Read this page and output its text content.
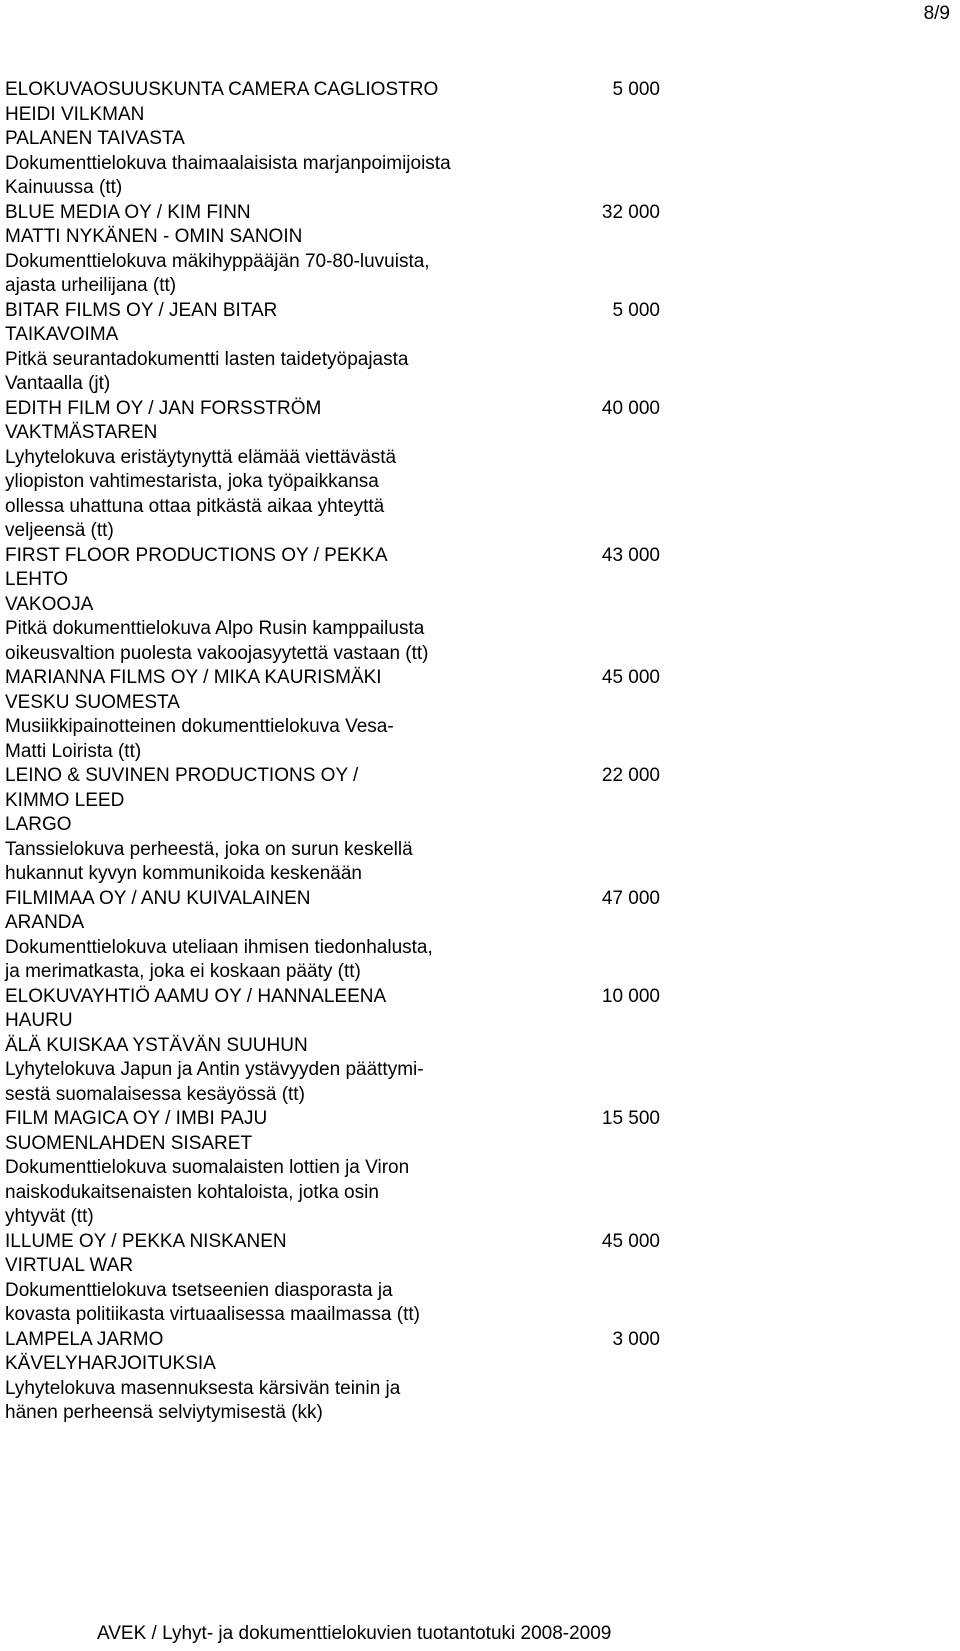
8/9
ELOKUVAOSUUSKUNTA CAMERA CAGLIOSTRO
HEIDI VILKMAN
PALANEN TAIVASTA
Dokumenttielokuva thaimaalaisista marjanpoimijoista
Kainuussa (tt)
5 000
BLUE MEDIA OY / KIM FINN
MATTI NYKÄNEN - OMIN SANOIN
Dokumenttielokuva mäkihyppääjän 70-80-luvuista,
ajasta urheilijana (tt)
32 000
BITAR FILMS OY / JEAN BITAR
TAIKAVOIMA
Pitkä seurantadokumentti lasten taidetyöpajasta
Vantaalla (jt)
5 000
EDITH FILM OY / JAN FORSSTRÖM
VAKTMÄSTAREN
Lyhytelokuva eristäytynyttä elämää viettävästä
yliopiston vahtimestarista, joka työpaikkansa
ollessa uhattuna ottaa pitkästä aikaa yhteyttä
veljeensä (tt)
40 000
FIRST FLOOR PRODUCTIONS OY / PEKKA
LEHTO
VAKOOJA
Pitkä dokumenttielokuva Alpo Rusin kamppailusta
oikeusvaltion puolesta vakoojasyytettä vastaan (tt)
43 000
MARIANNA FILMS OY / MIKA KAURISMÄKI
VESKU SUOMESTA
Musiikkipainotteinen dokumenttielokuva Vesa-
Matti Loirista (tt)
45 000
LEINO & SUVINEN PRODUCTIONS OY /
KIMMO LEED
LARGO
Tanssielokuva perheestä, joka on surun keskellä
hukannut kyvyn kommunikoida keskenään
22 000
FILMIMAA OY / ANU KUIVALAINEN
ARANDA
Dokumenttielokuva uteliaan ihmisen tiedonhalusta,
ja merimatkasta, joka ei koskaan pääty (tt)
47 000
ELOKUVAYHTIÖ AAMU OY / HANNALEENA
HAURU
ÄLÄ KUISKAA YSTÄVÄN SUUHUN
Lyhytelokuva Japun ja Antin ystävyyden päättymi-
sestä suomalaisessa kesäyössä (tt)
10 000
FILM MAGICA OY / IMBI PAJU
SUOMENLAHDEN SISARET
Dokumenttielokuva suomalaisten lottien ja Viron
naiskodukaitsenaisten kohtaloista, jotka osin
yhtyvät (tt)
15 500
ILLUME OY / PEKKA NISKANEN
VIRTUAL WAR
Dokumenttielokuva tsetseenien diasporasta ja
kovasta politiikasta virtuaalisessa maailmassa (tt)
45 000
LAMPELA JARMO
KÄVELYHARJOITUKSIA
Lyhytelokuva masennuksesta kärsivän teinin ja
hänen perheensä selviytymisestä (kk)
3 000
AVEK / Lyhyt- ja dokumenttielokuvien tuotantotuki 2008-2009
